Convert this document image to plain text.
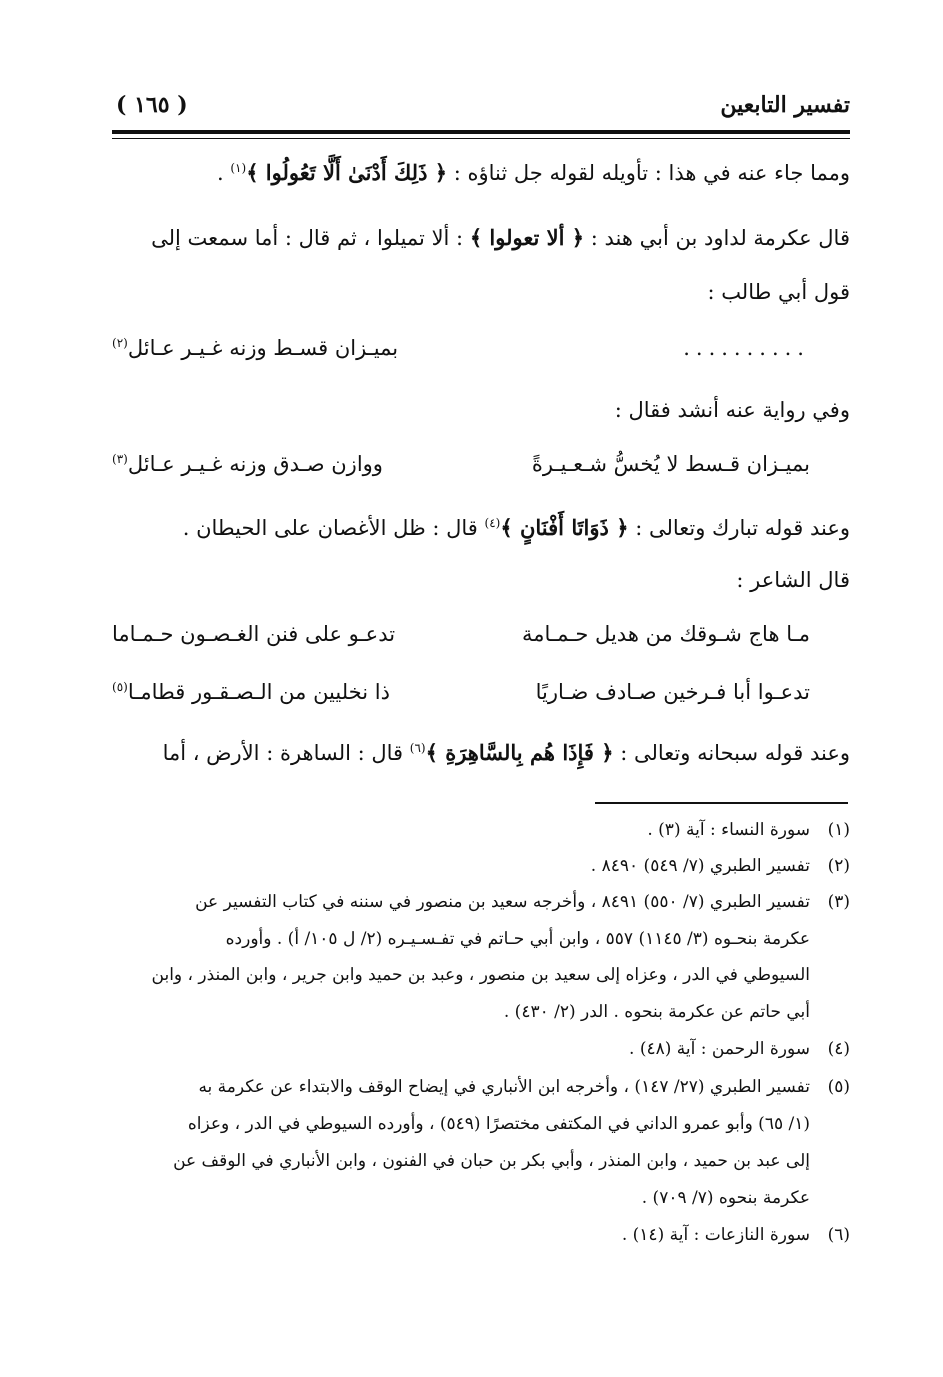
تفسير التابعين
( ١٦٥ )
ومما جاء عنه في هذا : تأويله لقوله جل ثناؤه : ﴿ ذَلِكَ أَدْنَىٰ أَلَّا تَعُولُوا ﴾$^{(١)}$ .
قال عكرمة لداود بن أبي هند : ﴿ ألا تعولوا ﴾ : ألا تميلوا ، ثم قال : أما سمعت إلى
قول أبي طالب :
..........
بميـزان قسـط وزنه غـيـر عـائل$^{(٢)}$
وفي رواية عنه أنشد فقال :
بميـزان قـسط لا يُخسُّ شـعـيـرةً
ووازن صـدق وزنه غـيـر عـائل$^{(٣)}$
وعند قوله تبارك وتعالى : ﴿ ذَوَاتَا أَفْنَانٍ ﴾$^{(٤)}$ قال : ظل الأغصان على الحيطان .
قال الشاعر :
مـا هاج شـوقك من هديل حـمـامة
تدعـو على فنن الغـصـون حـمـاما
تدعـوا أبا فـرخين صـادف ضـاريًا
ذا نخليين من الـصـقـور قطامـا$^{(٥)}$
وعند قوله سبحانه وتعالى : ﴿ فَإِذَا هُم بِالسَّاهِرَةِ ﴾$^{(٦)}$ قال : الساهرة : الأرض ، أما
(١)سورة النساء : آية (٣) .
(٢)تفسير الطبري (٧/ ٥٤٩) ٨٤٩٠ .
(٣)تفسير الطبري (٧/ ٥٥٠) ٨٤٩١ ، وأخرجه سعيد بن منصور في سننه في كتاب التفسير عن
عكرمة بنحـوه (٣/ ١١٤٥) ٥٥٧ ، وابن أبي حـاتم في تفـسـيـره (٢/ ل ١٠٥/ أ) . وأورده
السيوطي في الدر ، وعزاه إلى سعيد بن منصور ، وعبد بن حميد وابن جرير ، وابن المنذر ، وابن
أبي حاتم عن عكرمة بنحوه . الدر (٢/ ٤٣٠) .
(٤)سورة الرحمن : آية (٤٨) .
(٥)تفسير الطبري (٢٧/ ١٤٧) ، وأخرجه ابن الأنباري في إيضاح الوقف والابتداء عن عكرمة به
(١/ ٦٥) وأبو عمرو الداني في المكتفى مختصرًا (٥٤٩) ، وأورده السيوطي في الدر ، وعزاه
إلى عبد بن حميد ، وابن المنذر ، وأبي بكر بن حبان في الفنون ، وابن الأنباري في الوقف عن
عكرمة بنحوه (٧/ ٧٠٩) .
(٦)سورة النازعات : آية (١٤) .
